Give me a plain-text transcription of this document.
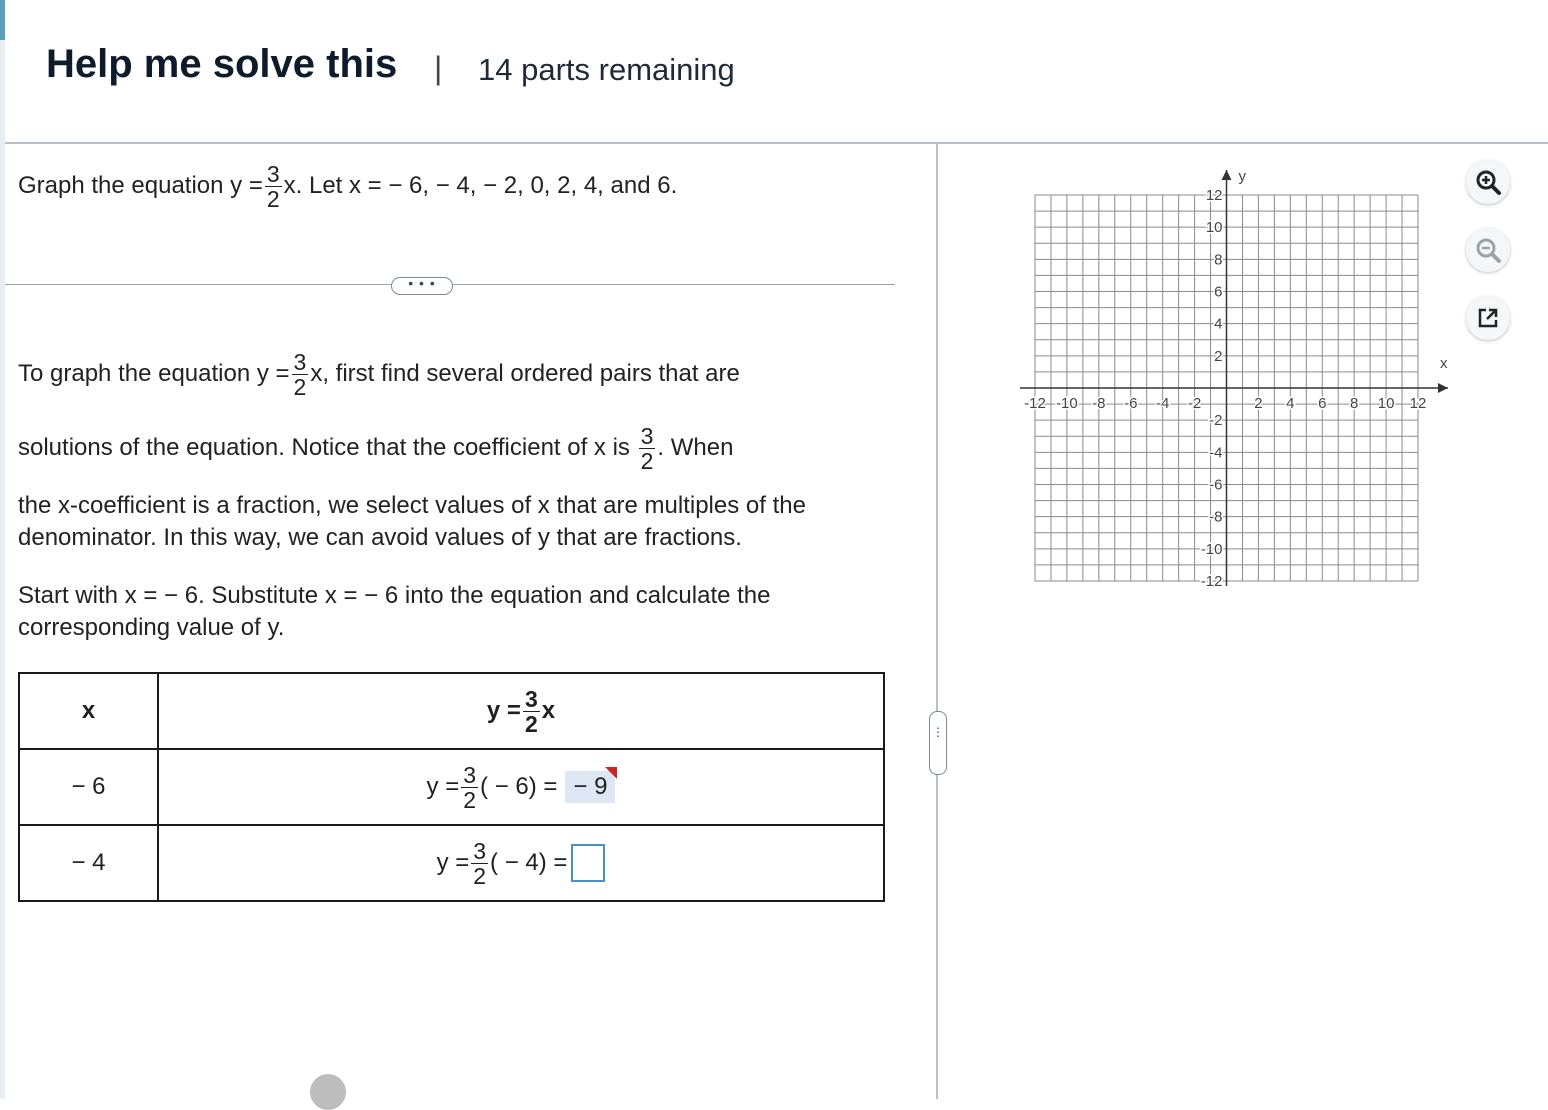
Help me solve this | 14 parts remaining
Graph the equation $y = \frac{3}{2} x$. Let x = − 6, − 4, − 2, 0, 2, 4, and 6.
• • •
To graph the equation $y = \frac{3}{2} x$, first find several ordered pairs that are
solutions of the equation. Notice that the coefficient of x is $\frac{3}{2}$ . When
the x-coefficient is a fraction, we select values of x that are multiples of the
denominator. In this way, we can avoid values of y that are fractions.
Start with x = − 6. Substitute x = − 6 into the equation and calculate the
corresponding value of y.
x	$y = \frac{3}{2}$ x

− 6	$y = \frac{3}{2}$ ( − 6) = − 9

− 4	$y = \frac{3}{2}$ ( − 4) =
⋮
x
y
-12 -10 -8 -6 -4 -2	2 4 6 8 10 12
12
10
8
6
4
2
-2
-4
-6
-8
-10
-12
